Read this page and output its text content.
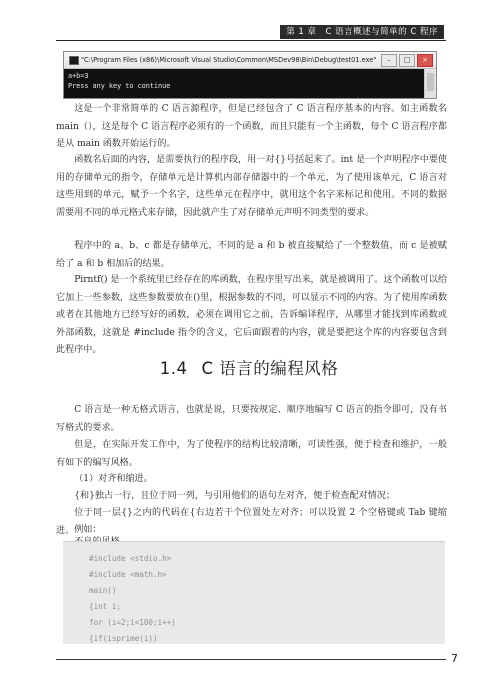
第 1 章　C 语言概述与简单的 C 程序
"C:\Program Files (x86)\Microsoft Visual Studio\Common\MSDev98\Bin\Debug\test01.exe"	–	□	×
a+b=3
Press any key to continue

这是一个非常简单的 C 语言源程序，但是已经包含了 C 语言程序基本的内容。如主函数名 main（），这是每个 C 语言程序必须有的一个函数，而且只能有一个主函数，每个 C 语言程序都是从 main 函数开始运行的。

函数名后面的内容，是需要执行的程序段，用一对{}号括起来了。int 是一个声明程序中要使用的存储单元的指令，存储单元是计算机内部存储器中的一个单元，为了使用该单元，C 语言对这些用到的单元，赋予一个名字，这些单元在程序中，就用这个名字来标记和使用。不同的数据需要用不同的单元格式来存储，因此就产生了对存储单元声明不同类型的要求。

程序中的 a、b、c 都是存储单元，不同的是 a 和 b 被直接赋给了一个整数值，而 c 是被赋给了 a 和 b 相加后的结果。

Pirntf() 是一个系统里已经存在的库函数，在程序里写出来，就是被调用了。这个函数可以给它加上一些参数，这些参数要放在()里，根据参数的不同，可以显示不同的内容。为了使用库函数或者在其他地方已经写好的函数，必须在调用它之前，告诉编译程序，从哪里才能找到库函数或外部函数，这就是 #include 指令的含义，它后面跟着的内容，就是要把这个库的内容要包含到此程序中。

1.4 C 语言的编程风格

C 语言是一种无格式语言，也就是说，只要按规定、顺序地编写 C 语言的指令即可，没有书写格式的要求。

但是，在实际开发工作中，为了使程序的结构比较清晰，可读性强，便于检查和维护，一般有如下的编写风格。

（1）对齐和缩进。

{和}独占一行，且位于同一列，与引用他们的语句左对齐，便于检查配对情况；

位于同一层{}之内的代码在{右边若干个位置处左对齐；可以设置 2 个空格键或 Tab 键缩进。 例如：

#include <stdio.h>
#include <math.h>
main()
{int i;
for (i=2;i<100;i++)
{if(isprime(i))
7
